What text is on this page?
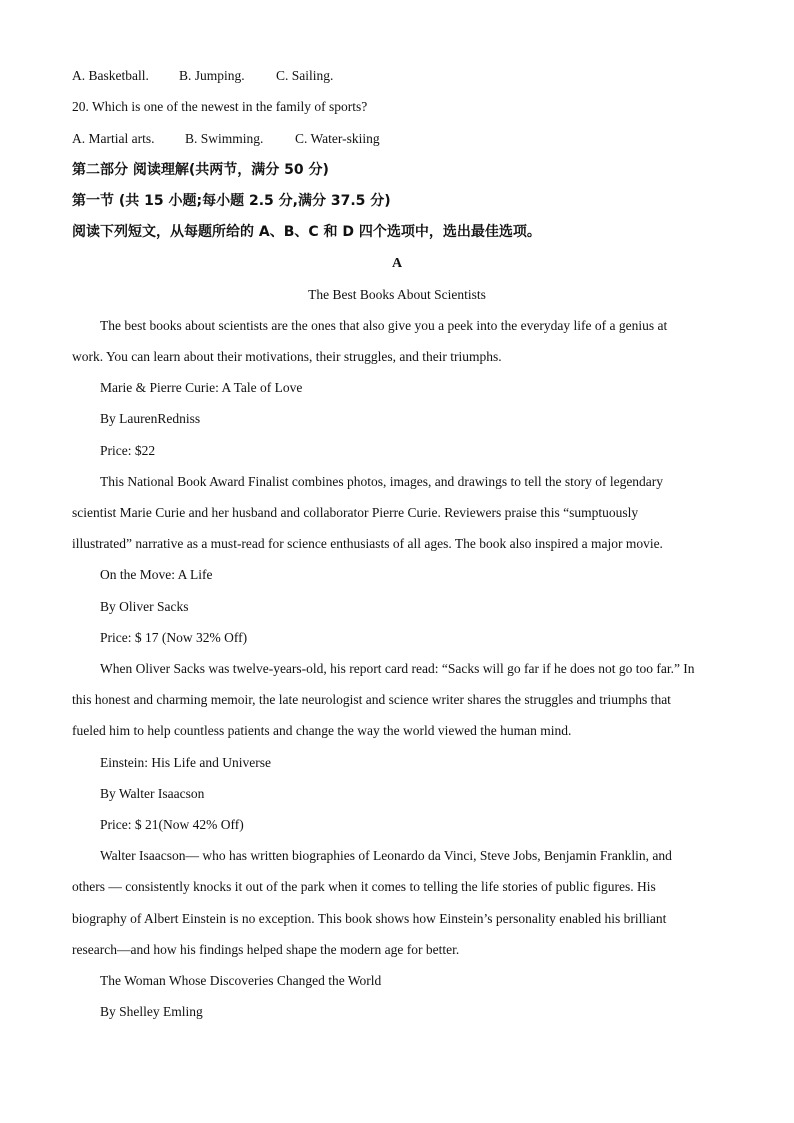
A. Basketball. B. Jumping. C. Sailing.
20. Which is one of the newest in the family of sports?
A. Martial arts. B. Swimming. C. Water-skiing
第二部分 阅读理解(共两节，满分 50 分)
第一节 (共 15 小题;每小题 2.5 分,满分 37.5 分)
阅读下列短文，从每题所给的 A、B、C 和 D 四个选项中，选出最佳选项。
A
The Best Books About Scientists
The best books about scientists are the ones that also give you a peek into the everyday life of a genius at
work. You can learn about their motivations, their struggles, and their triumphs.
Marie & Pierre Curie: A Tale of Love
By LaurenRedniss
Price: $22
This National Book Award Finalist combines photos, images, and drawings to tell the story of legendary
scientist Marie Curie and her husband and collaborator Pierre Curie. Reviewers praise this “sumptuously
illustrated” narrative as a must-read for science enthusiasts of all ages. The book also inspired a major movie.
On the Move: A Life
By Oliver Sacks
Price: $ 17 (Now 32% Off)
When Oliver Sacks was twelve-years-old, his report card read: “Sacks will go far if he does not go too far.” In
this honest and charming memoir, the late neurologist and science writer shares the struggles and triumphs that
fueled him to help countless patients and change the way the world viewed the human mind.
Einstein: His Life and Universe
By Walter Isaacson
Price: $ 21(Now 42% Off)
Walter Isaacson— who has written biographies of Leonardo da Vinci, Steve Jobs, Benjamin Franklin, and
others — consistently knocks it out of the park when it comes to telling the life stories of public figures. His
biography of Albert Einstein is no exception. This book shows how Einstein’s personality enabled his brilliant
research—and how his findings helped shape the modern age for better.
The Woman Whose Discoveries Changed the World
By Shelley Emling
